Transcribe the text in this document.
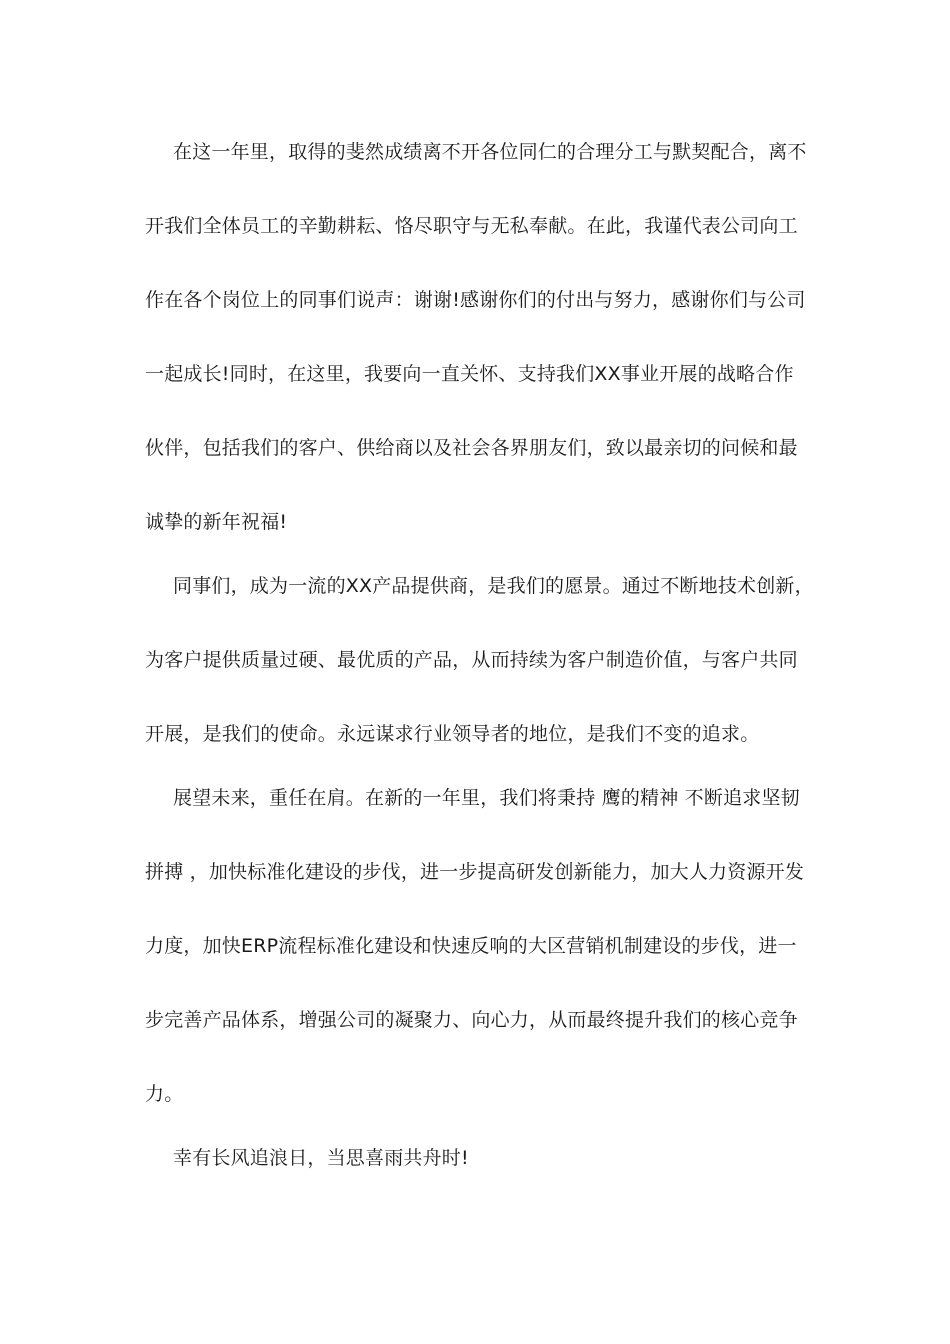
在这一年里，取得的斐然成绩离不开各位同仁的合理分工与默契配合，离不
开我们全体员工的辛勤耕耘、恪尽职守与无私奉献。在此，我谨代表公司向工
作在各个岗位上的同事们说声：谢谢!感谢你们的付出与努力，感谢你们与公司
一起成长!同时，在这里，我要向一直关怀、支持我们XX事业开展的战略合作
伙伴，包括我们的客户、供给商以及社会各界朋友们，致以最亲切的问候和最
诚挚的新年祝福!
同事们，成为一流的XX产品提供商，是我们的愿景。通过不断地技术创新，
为客户提供质量过硬、最优质的产品，从而持续为客户制造价值，与客户共同
开展，是我们的使命。永远谋求行业领导者的地位，是我们不变的追求。
展望未来，重任在肩。在新的一年里，我们将秉持 鹰的精神 不断追求坚韧
拼搏 ，加快标准化建设的步伐，进一步提高研发创新能力，加大人力资源开发
力度，加快ERP流程标准化建设和快速反响的大区营销机制建设的步伐，进一
步完善产品体系，增强公司的凝聚力、向心力，从而最终提升我们的核心竞争
力。
幸有长风追浪日，当思喜雨共舟时!
